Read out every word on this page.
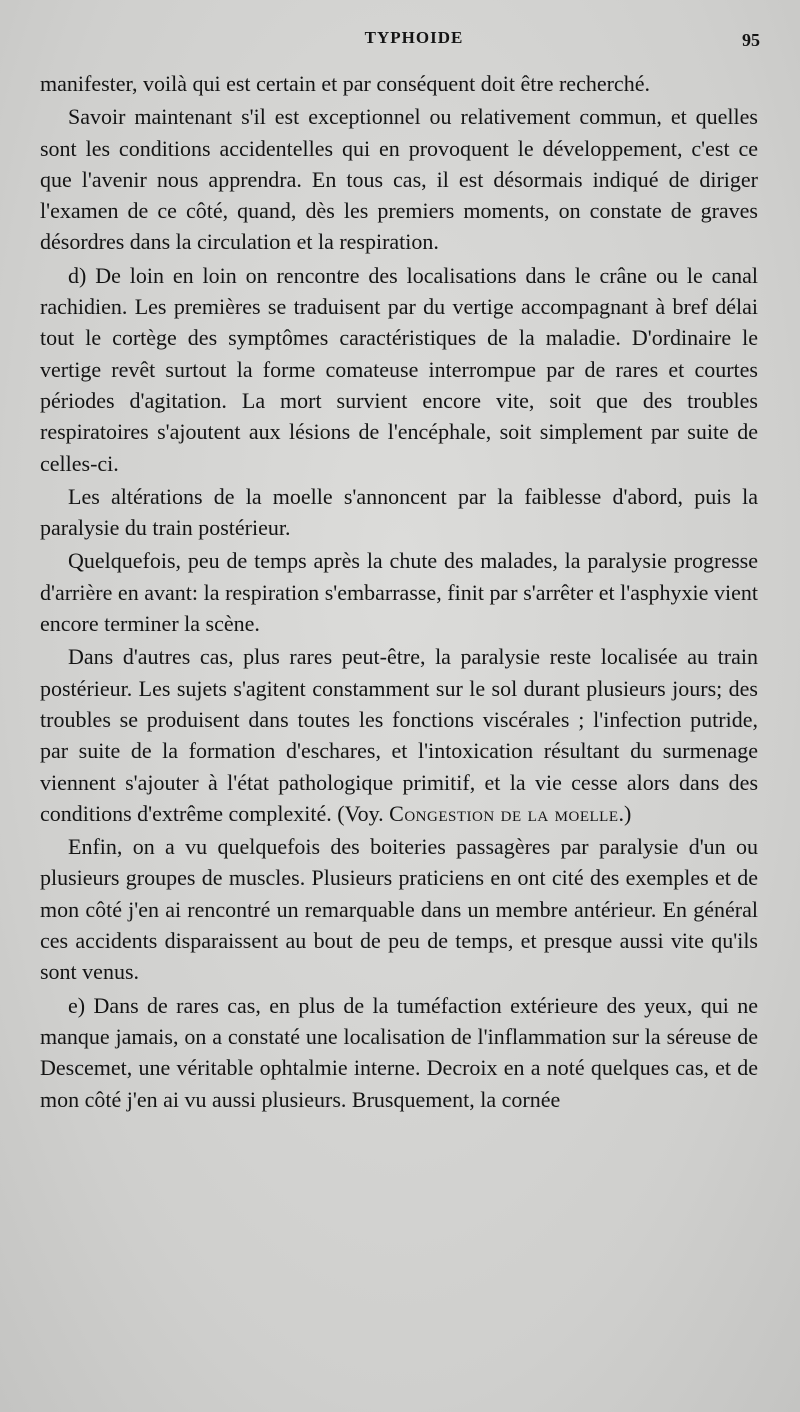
TYPHOIDE	95

manifester, voilà qui est certain et par conséquent doit être recherché.

Savoir maintenant s'il est exceptionnel ou relativement commun, et quelles sont les conditions accidentelles qui en provoquent le développement, c'est ce que l'avenir nous apprendra. En tous cas, il est désormais indiqué de diriger l'examen de ce côté, quand, dès les premiers moments, on constate de graves désordres dans la circulation et la respiration.

d) De loin en loin on rencontre des localisations dans le crâne ou le canal rachidien. Les premières se traduisent par du vertige accompagnant à bref délai tout le cortège des symptômes caractéristiques de la maladie. D'ordinaire le vertige revêt surtout la forme comateuse interrompue par de rares et courtes périodes d'agitation. La mort survient encore vite, soit que des troubles respiratoires s'ajoutent aux lésions de l'encéphale, soit simplement par suite de celles-ci.

Les altérations de la moelle s'annoncent par la faiblesse d'abord, puis la paralysie du train postérieur.

Quelquefois, peu de temps après la chute des malades, la paralysie progresse d'arrière en avant: la respiration s'embarrasse, finit par s'arrêter et l'asphyxie vient encore terminer la scène.

Dans d'autres cas, plus rares peut-être, la paralysie reste localisée au train postérieur. Les sujets s'agitent constamment sur le sol durant plusieurs jours; des troubles se produisent dans toutes les fonctions viscérales ; l'infection putride, par suite de la formation d'eschares, et l'intoxication résultant du surmenage viennent s'ajouter à l'état pathologique primitif, et la vie cesse alors dans des conditions d'extrême complexité. (Voy. Congestion de la moelle.)

Enfin, on a vu quelquefois des boiteries passagères par paralysie d'un ou plusieurs groupes de muscles. Plusieurs praticiens en ont cité des exemples et de mon côté j'en ai rencontré un remarquable dans un membre antérieur. En général ces accidents disparaissent au bout de peu de temps, et presque aussi vite qu'ils sont venus.

e) Dans de rares cas, en plus de la tuméfaction extérieure des yeux, qui ne manque jamais, on a constaté une localisation de l'inflammation sur la séreuse de Descemet, une véritable ophtalmie interne. Decroix en a noté quelques cas, et de mon côté j'en ai vu aussi plusieurs. Brusquement, la cornée
